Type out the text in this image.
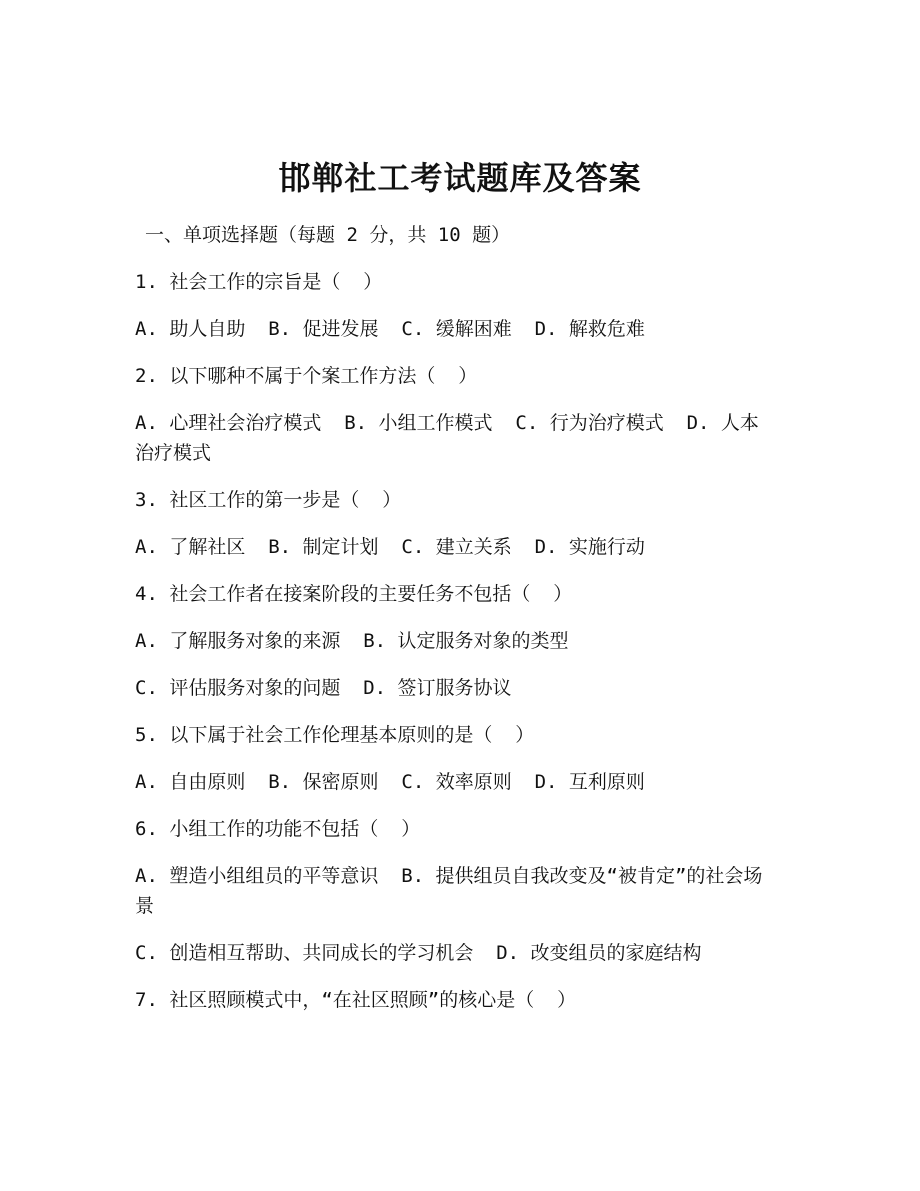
邯郸社工考试题库及答案
一、单项选择题（每题 2 分，共 10 题）

1. 社会工作的宗旨是（  ）

A. 助人自助  B. 促进发展  C. 缓解困难  D. 解救危难

2. 以下哪种不属于个案工作方法（  ）

A. 心理社会治疗模式  B. 小组工作模式  C. 行为治疗模式  D. 人本治疗模式

3. 社区工作的第一步是（  ）

A. 了解社区  B. 制定计划  C. 建立关系  D. 实施行动

4. 社会工作者在接案阶段的主要任务不包括（  ）

A. 了解服务对象的来源  B. 认定服务对象的类型

C. 评估服务对象的问题  D. 签订服务协议

5. 以下属于社会工作伦理基本原则的是（  ）

A. 自由原则  B. 保密原则  C. 效率原则  D. 互利原则

6. 小组工作的功能不包括（  ）

A. 塑造小组组员的平等意识  B. 提供组员自我改变及“被肯定”的社会场景

C. 创造相互帮助、共同成长的学习机会  D. 改变组员的家庭结构

7. 社区照顾模式中，“在社区照顾”的核心是（  ）
